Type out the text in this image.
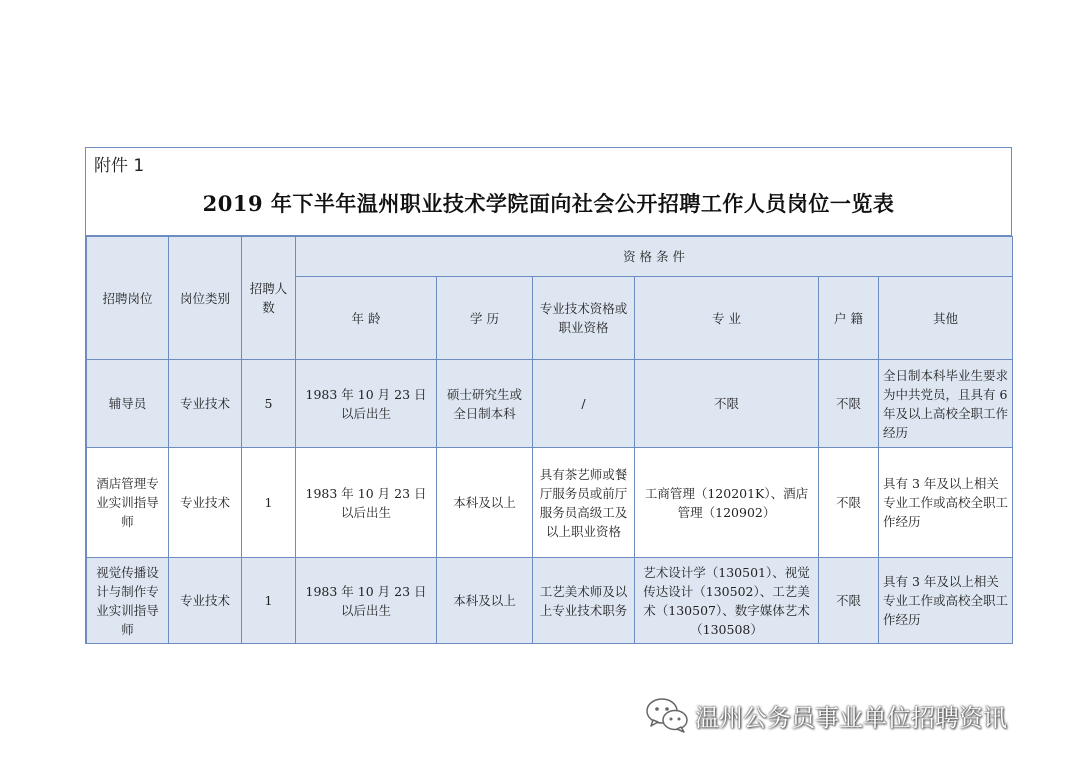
附件 1
2019 年下半年温州职业技术学院面向社会公开招聘工作人员岗位一览表
招聘岗位	岗位类别	招聘人数	资 格 条 件					
			年 龄	学 历	专业技术资格或职业资格	专 业	户 籍	其他
辅导员	专业技术	5	1983 年 10 月 23 日以后出生	硕士研究生或全日制本科	/	不限	不限	全日制本科毕业生要求为中共党员，且具有 6 年及以上高校全职工作经历
酒店管理专业实训指导师	专业技术	1	1983 年 10 月 23 日以后出生	本科及以上	具有茶艺师或餐厅服务员或前厅服务员高级工及以上职业资格	工商管理（120201K）、酒店管理（120902）	不限	具有 3 年及以上相关专业工作或高校全职工作经历
视觉传播设计与制作专业实训指导师	专业技术	1	1983 年 10 月 23 日以后出生	本科及以上	工艺美术师及以上专业技术职务	艺术设计学（130501）、视觉传达设计（130502）、工艺美术（130507）、数字媒体艺术（130508）	不限	具有 3 年及以上相关专业工作或高校全职工作经历
温州公务员事业单位招聘资讯
